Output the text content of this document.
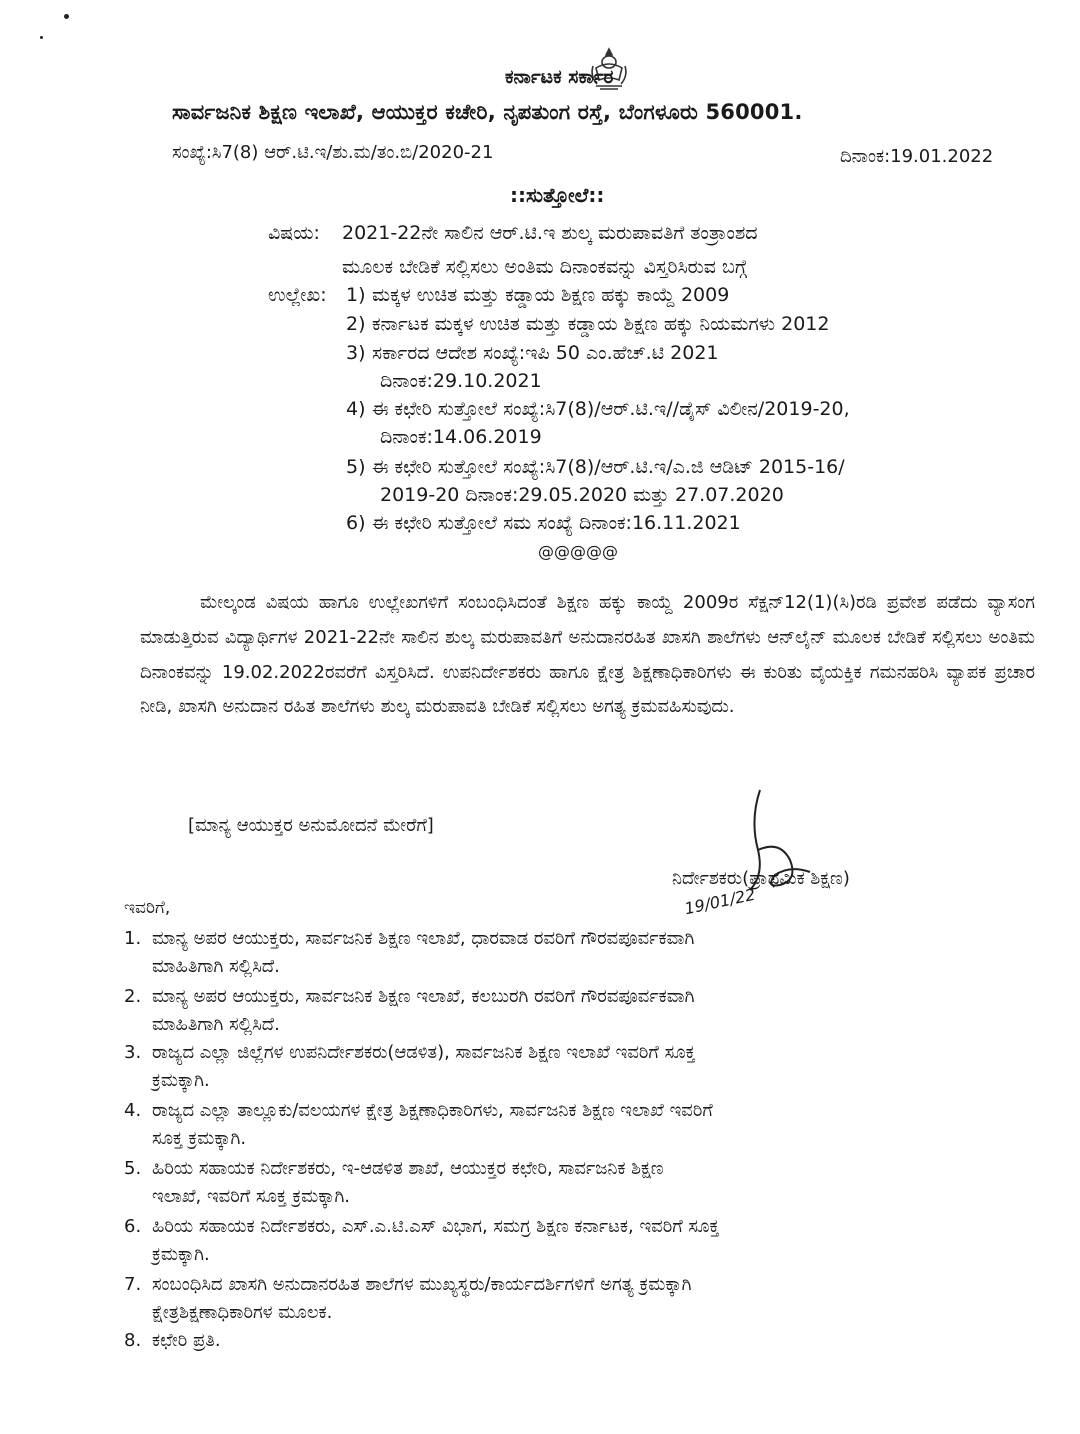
ಕರ್ನಾಟಕ ಸರ್ಕಾರ
ಸಾರ್ವಜನಿಕ ಶಿಕ್ಷಣ ಇಲಾಖೆ, ಆಯುಕ್ತರ ಕಚೇರಿ, ನೃಪತುಂಗ ರಸ್ತೆ, ಬೆಂಗಳೂರು 560001.
ಸಂಖ್ಯೆ:ಸಿ7(8) ಆರ್.ಟಿ.ಇ/ಶು.ಮ/ತಂ.ಬಿ/2020-21	ದಿನಾಂಕ:19.01.2022
::ಸುತ್ತೋಲೆ::
ವಿಷಯ: 2021-22ನೇ ಸಾಲಿನ ಆರ್.ಟಿ.ಇ ಶುಲ್ಕ ಮರುಪಾವತಿಗೆ ತಂತ್ರಾಂಶದ
ಮೂಲಕ ಬೇಡಿಕೆ ಸಲ್ಲಿಸಲು ಅಂತಿಮ ದಿನಾಂಕವನ್ನು ವಿಸ್ತರಿಸಿರುವ ಬಗ್ಗೆ
ಉಲ್ಲೇಖ: 1) ಮಕ್ಕಳ ಉಚಿತ ಮತ್ತು ಕಡ್ಡಾಯ ಶಿಕ್ಷಣ ಹಕ್ಕು ಕಾಯ್ದೆ 2009
2) ಕರ್ನಾಟಕ ಮಕ್ಕಳ ಉಚಿತ ಮತ್ತು ಕಡ್ಡಾಯ ಶಿಕ್ಷಣ ಹಕ್ಕು ನಿಯಮಗಳು 2012
3) ಸರ್ಕಾರದ ಆದೇಶ ಸಂಖ್ಯೆ:ಇಪಿ 50 ಎಂ.ಹೆಚ್.ಟಿ 2021
ದಿನಾಂಕ:29.10.2021
4) ಈ ಕಛೇರಿ ಸುತ್ತೋಲೆ ಸಂಖ್ಯೆ:ಸಿ7(8)/ಆರ್.ಟಿ.ಇ//ಡೈಸ್ ವಿಲೀನ/2019-20,
ದಿನಾಂಕ:14.06.2019
5) ಈ ಕಛೇರಿ ಸುತ್ತೋಲೆ ಸಂಖ್ಯೆ:ಸಿ7(8)/ಆರ್.ಟಿ.ಇ/ಎ.ಜಿ ಆಡಿಟ್ 2015-16/
2019-20 ದಿನಾಂಕ:29.05.2020 ಮತ್ತು 27.07.2020
6) ಈ ಕಛೇರಿ ಸುತ್ತೋಲೆ ಸಮ ಸಂಖ್ಯೆ ದಿನಾಂಕ:16.11.2021
@@@@@
ಮೇಲ್ಕಂಡ ವಿಷಯ ಹಾಗೂ ಉಲ್ಲೇಖಗಳಿಗೆ ಸಂಬಂಧಿಸಿದಂತೆ ಶಿಕ್ಷಣ ಹಕ್ಕು ಕಾಯ್ದೆ 2009ರ ಸೆಕ್ಷನ್12(1)(ಸಿ)ರಡಿ ಪ್ರವೇಶ ಪಡೆದು ವ್ಯಾಸಂಗ ಮಾಡುತ್ತಿರುವ ವಿದ್ಯಾರ್ಥಿಗಳ 2021-22ನೇ ಸಾಲಿನ ಶುಲ್ಕ ಮರುಪಾವತಿಗೆ ಅನುದಾನರಹಿತ ಖಾಸಗಿ ಶಾಲೆಗಳು ಆನ್‌ಲೈನ್ ಮೂಲಕ ಬೇಡಿಕೆ ಸಲ್ಲಿಸಲು ಅಂತಿಮ ದಿನಾಂಕವನ್ನು 19.02.2022ರವರೆಗೆ ವಿಸ್ತರಿಸಿದೆ. ಉಪನಿರ್ದೇಶಕರು ಹಾಗೂ ಕ್ಷೇತ್ರ ಶಿಕ್ಷಣಾಧಿಕಾರಿಗಳು ಈ ಕುರಿತು ವೈಯಕ್ತಿಕ ಗಮನಹರಿಸಿ ವ್ಯಾಪಕ ಪ್ರಚಾರ ನೀಡಿ, ಖಾಸಗಿ ಅನುದಾನ ರಹಿತ ಶಾಲೆಗಳು ಶುಲ್ಕ ಮರುಪಾವತಿ ಬೇಡಿಕೆ ಸಲ್ಲಿಸಲು ಅಗತ್ಯ ಕ್ರಮವಹಿಸುವುದು.
[ಮಾನ್ಯ ಆಯುಕ್ತರ ಅನುಮೋದನೆ ಮೇರೆಗೆ]
ನಿರ್ದೇಶಕರು(ಪ್ರಾಥಮಿಕ ಶಿಕ್ಷಣ)
19/01/22
ಇವರಿಗೆ,
1. ಮಾನ್ಯ ಅಪರ ಆಯುಕ್ತರು, ಸಾರ್ವಜನಿಕ ಶಿಕ್ಷಣ ಇಲಾಖೆ, ಧಾರವಾಡ ರವರಿಗೆ ಗೌರವಪೂರ್ವಕವಾಗಿ
ಮಾಹಿತಿಗಾಗಿ ಸಲ್ಲಿಸಿದೆ.
2. ಮಾನ್ಯ ಅಪರ ಆಯುಕ್ತರು, ಸಾರ್ವಜನಿಕ ಶಿಕ್ಷಣ ಇಲಾಖೆ, ಕಲಬುರಗಿ ರವರಿಗೆ ಗೌರವಪೂರ್ವಕವಾಗಿ
ಮಾಹಿತಿಗಾಗಿ ಸಲ್ಲಿಸಿದೆ.
3. ರಾಜ್ಯದ ಎಲ್ಲಾ ಜಿಲ್ಲೆಗಳ ಉಪನಿರ್ದೇಶಕರು(ಆಡಳಿತ), ಸಾರ್ವಜನಿಕ ಶಿಕ್ಷಣ ಇಲಾಖೆ ಇವರಿಗೆ ಸೂಕ್ತ
ಕ್ರಮಕ್ಕಾಗಿ.
4. ರಾಜ್ಯದ ಎಲ್ಲಾ ತಾಲ್ಲೂಕು/ವಲಯಗಳ ಕ್ಷೇತ್ರ ಶಿಕ್ಷಣಾಧಿಕಾರಿಗಳು, ಸಾರ್ವಜನಿಕ ಶಿಕ್ಷಣ ಇಲಾಖೆ ಇವರಿಗೆ
ಸೂಕ್ತ ಕ್ರಮಕ್ಕಾಗಿ.
5. ಹಿರಿಯ ಸಹಾಯಕ ನಿರ್ದೇಶಕರು, ಇ-ಆಡಳಿತ ಶಾಖೆ, ಆಯುಕ್ತರ ಕಛೇರಿ, ಸಾರ್ವಜನಿಕ ಶಿಕ್ಷಣ
ಇಲಾಖೆ, ಇವರಿಗೆ ಸೂಕ್ತ ಕ್ರಮಕ್ಕಾಗಿ.
6. ಹಿರಿಯ ಸಹಾಯಕ ನಿರ್ದೇಶಕರು, ಎಸ್.ಎ.ಟಿ.ಎಸ್ ವಿಭಾಗ, ಸಮಗ್ರ ಶಿಕ್ಷಣ ಕರ್ನಾಟಕ, ಇವರಿಗೆ ಸೂಕ್ತ
ಕ್ರಮಕ್ಕಾಗಿ.
7. ಸಂಬಂಧಿಸಿದ ಖಾಸಗಿ ಅನುದಾನರಹಿತ ಶಾಲೆಗಳ ಮುಖ್ಯಸ್ಥರು/ಕಾರ್ಯದರ್ಶಿಗಳಿಗೆ ಅಗತ್ಯ ಕ್ರಮಕ್ಕಾಗಿ
ಕ್ಷೇತ್ರಶಿಕ್ಷಣಾಧಿಕಾರಿಗಳ ಮೂಲಕ.
8. ಕಛೇರಿ ಪ್ರತಿ.
